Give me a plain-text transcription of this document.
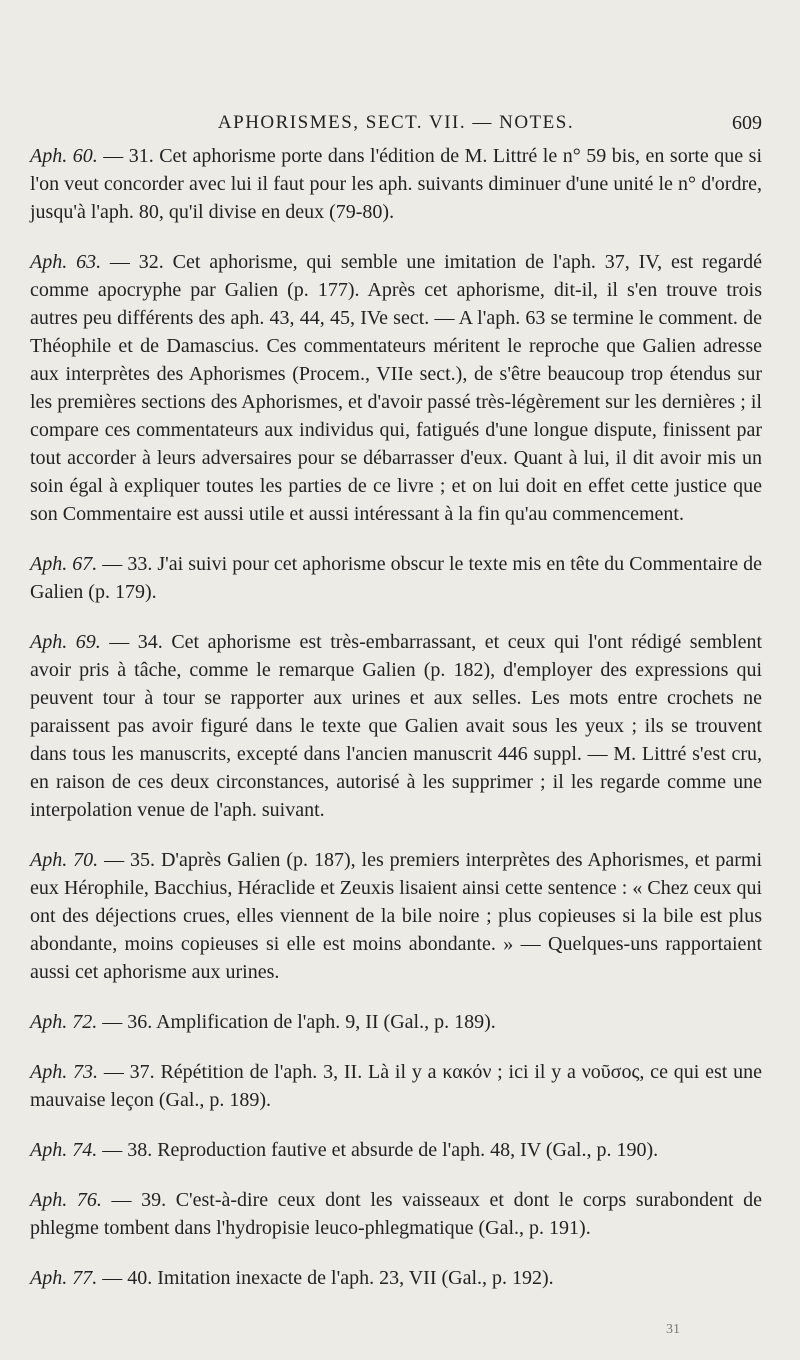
APHORISMES, SECT. VII. — NOTES.	609

Aph. 60. — 31. Cet aphorisme porte dans l'édition de M. Littré le n° 59 bis, en sorte que si l'on veut concorder avec lui il faut pour les aph. suivants diminuer d'une unité le n° d'ordre, jusqu'à l'aph. 80, qu'il divise en deux (79-80).

Aph. 63. — 32. Cet aphorisme, qui semble une imitation de l'aph. 37, IV, est regardé comme apocryphe par Galien (p. 177). Après cet aphorisme, dit-il, il s'en trouve trois autres peu différents des aph. 43, 44, 45, IVe sect. — A l'aph. 63 se termine le comment. de Théophile et de Damascius. Ces commentateurs méritent le reproche que Galien adresse aux interprètes des Aphorismes (Procem., VIIe sect.), de s'être beaucoup trop étendus sur les premières sections des Aphorismes, et d'avoir passé très-légèrement sur les dernières ; il compare ces commentateurs aux individus qui, fatigués d'une longue dispute, finissent par tout accorder à leurs adversaires pour se débarrasser d'eux. Quant à lui, il dit avoir mis un soin égal à expliquer toutes les parties de ce livre ; et on lui doit en effet cette justice que son Commentaire est aussi utile et aussi intéressant à la fin qu'au commencement.

Aph. 67. — 33. J'ai suivi pour cet aphorisme obscur le texte mis en tête du Commentaire de Galien (p. 179).

Aph. 69. — 34. Cet aphorisme est très-embarrassant, et ceux qui l'ont rédigé semblent avoir pris à tâche, comme le remarque Galien (p. 182), d'employer des expressions qui peuvent tour à tour se rapporter aux urines et aux selles. Les mots entre crochets ne paraissent pas avoir figuré dans le texte que Galien avait sous les yeux ; ils se trouvent dans tous les manuscrits, excepté dans l'ancien manuscrit 446 suppl. — M. Littré s'est cru, en raison de ces deux circonstances, autorisé à les supprimer ; il les regarde comme une interpolation venue de l'aph. suivant.

Aph. 70. — 35. D'après Galien (p. 187), les premiers interprètes des Aphorismes, et parmi eux Hérophile, Bacchius, Héraclide et Zeuxis lisaient ainsi cette sentence : « Chez ceux qui ont des déjections crues, elles viennent de la bile noire ; plus copieuses si la bile est plus abondante, moins copieuses si elle est moins abondante. » — Quelques-uns rapportaient aussi cet aphorisme aux urines.

Aph. 72. — 36. Amplification de l'aph. 9, II (Gal., p. 189).

Aph. 73. — 37. Répétition de l'aph. 3, II. Là il y a κακόν ; ici il y a νοῦσος, ce qui est une mauvaise leçon (Gal., p. 189).

Aph. 74. — 38. Reproduction fautive et absurde de l'aph. 48, IV (Gal., p. 190).

Aph. 76. — 39. C'est-à-dire ceux dont les vaisseaux et dont le corps surabondent de phlegme tombent dans l'hydropisie leuco-phlegmatique (Gal., p. 191).

Aph. 77. — 40. Imitation inexacte de l'aph. 23, VII (Gal., p. 192).

31
